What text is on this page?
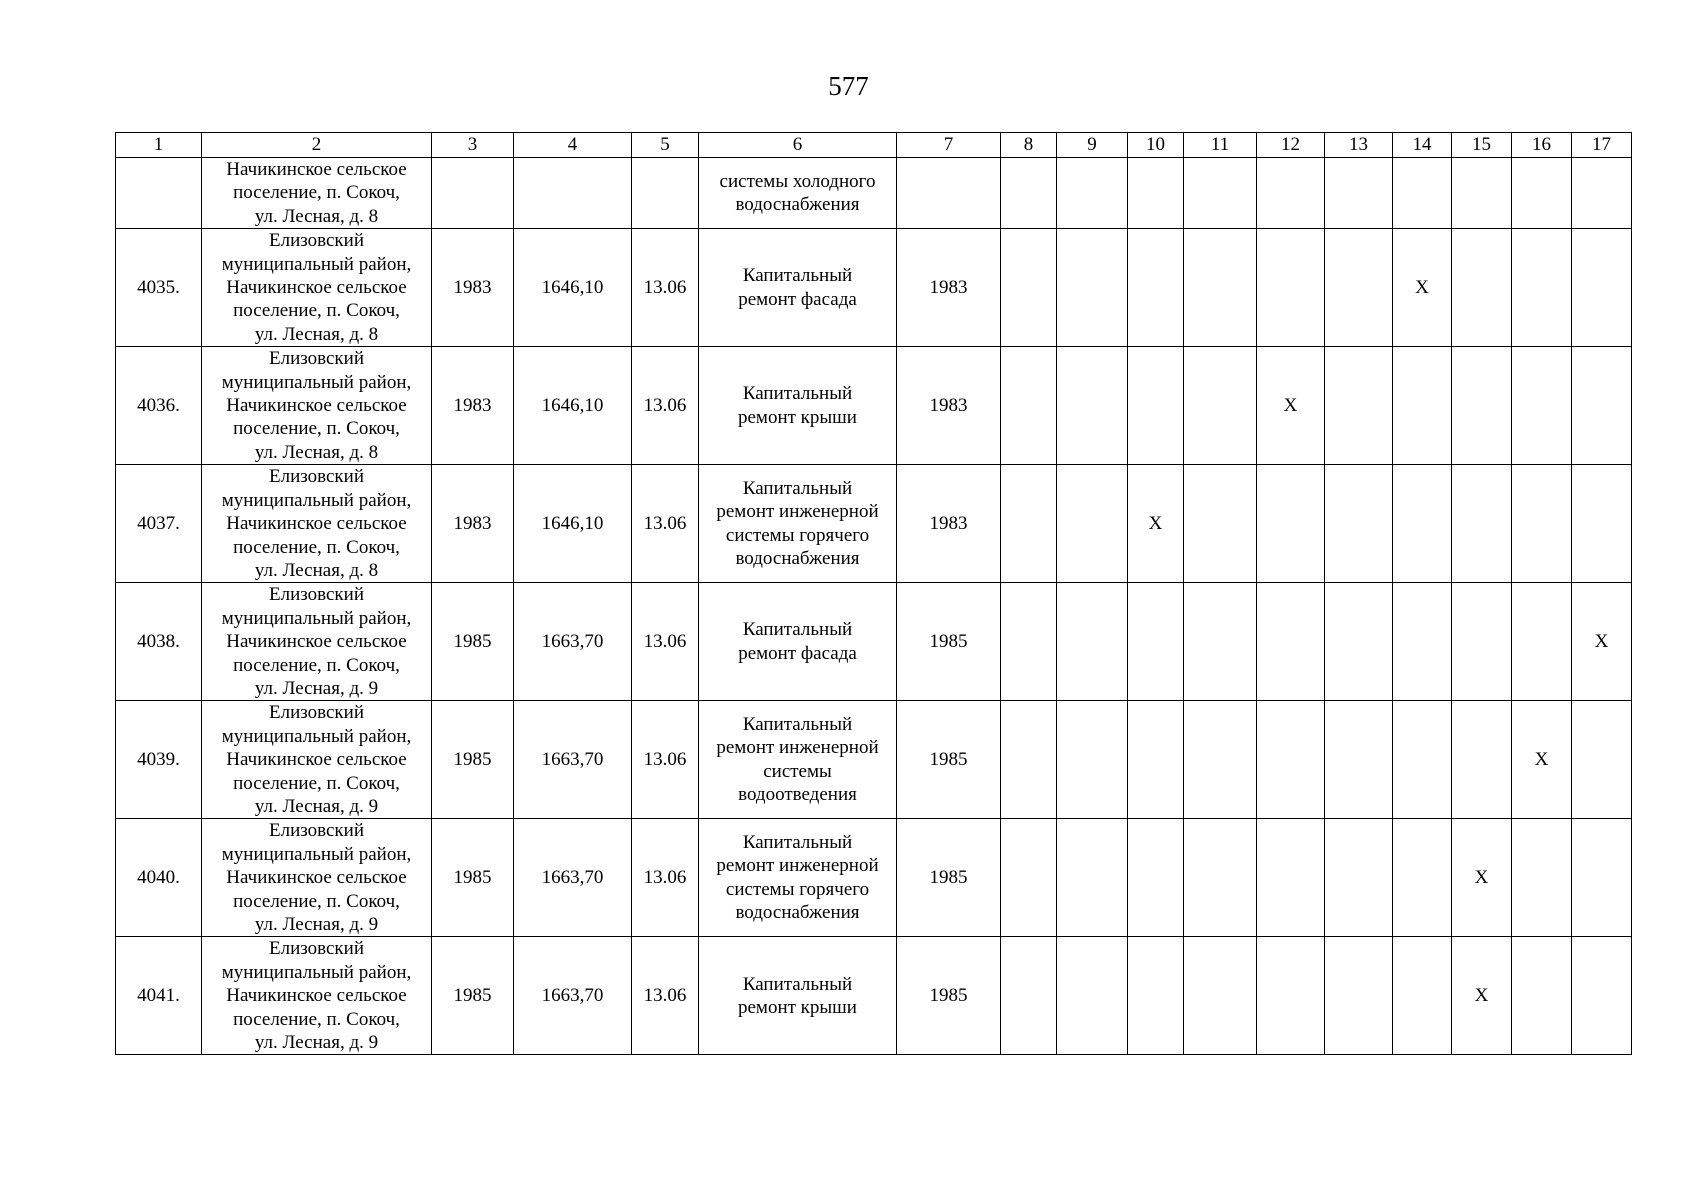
577
1	2	3	4	5	6	7	8	9	10	11	12	13	14	15	16	17
	Начикинское сельское
поселение, п. Сокоч,
ул. Лесная, д. 8				системы холодного
водоснабжения											
4035.	Елизовский
муниципальный район,
Начикинское сельское
поселение, п. Сокоч,
ул. Лесная, д. 8	1983	1646,10	13.06	Капитальный
ремонт фасада	1983							X			
4036.	Елизовский
муниципальный район,
Начикинское сельское
поселение, п. Сокоч,
ул. Лесная, д. 8	1983	1646,10	13.06	Капитальный
ремонт крыши	1983					X					
4037.	Елизовский
муниципальный район,
Начикинское сельское
поселение, п. Сокоч,
ул. Лесная, д. 8	1983	1646,10	13.06	Капитальный
ремонт инженерной
системы горячего
водоснабжения	1983			X							
4038.	Елизовский
муниципальный район,
Начикинское сельское
поселение, п. Сокоч,
ул. Лесная, д. 9	1985	1663,70	13.06	Капитальный
ремонт фасада	1985										X
4039.	Елизовский
муниципальный район,
Начикинское сельское
поселение, п. Сокоч,
ул. Лесная, д. 9	1985	1663,70	13.06	Капитальный
ремонт инженерной
системы
водоотведения	1985									X	
4040.	Елизовский
муниципальный район,
Начикинское сельское
поселение, п. Сокоч,
ул. Лесная, д. 9	1985	1663,70	13.06	Капитальный
ремонт инженерной
системы горячего
водоснабжения	1985								X		
4041.	Елизовский
муниципальный район,
Начикинское сельское
поселение, п. Сокоч,
ул. Лесная, д. 9	1985	1663,70	13.06	Капитальный
ремонт крыши	1985								X		
